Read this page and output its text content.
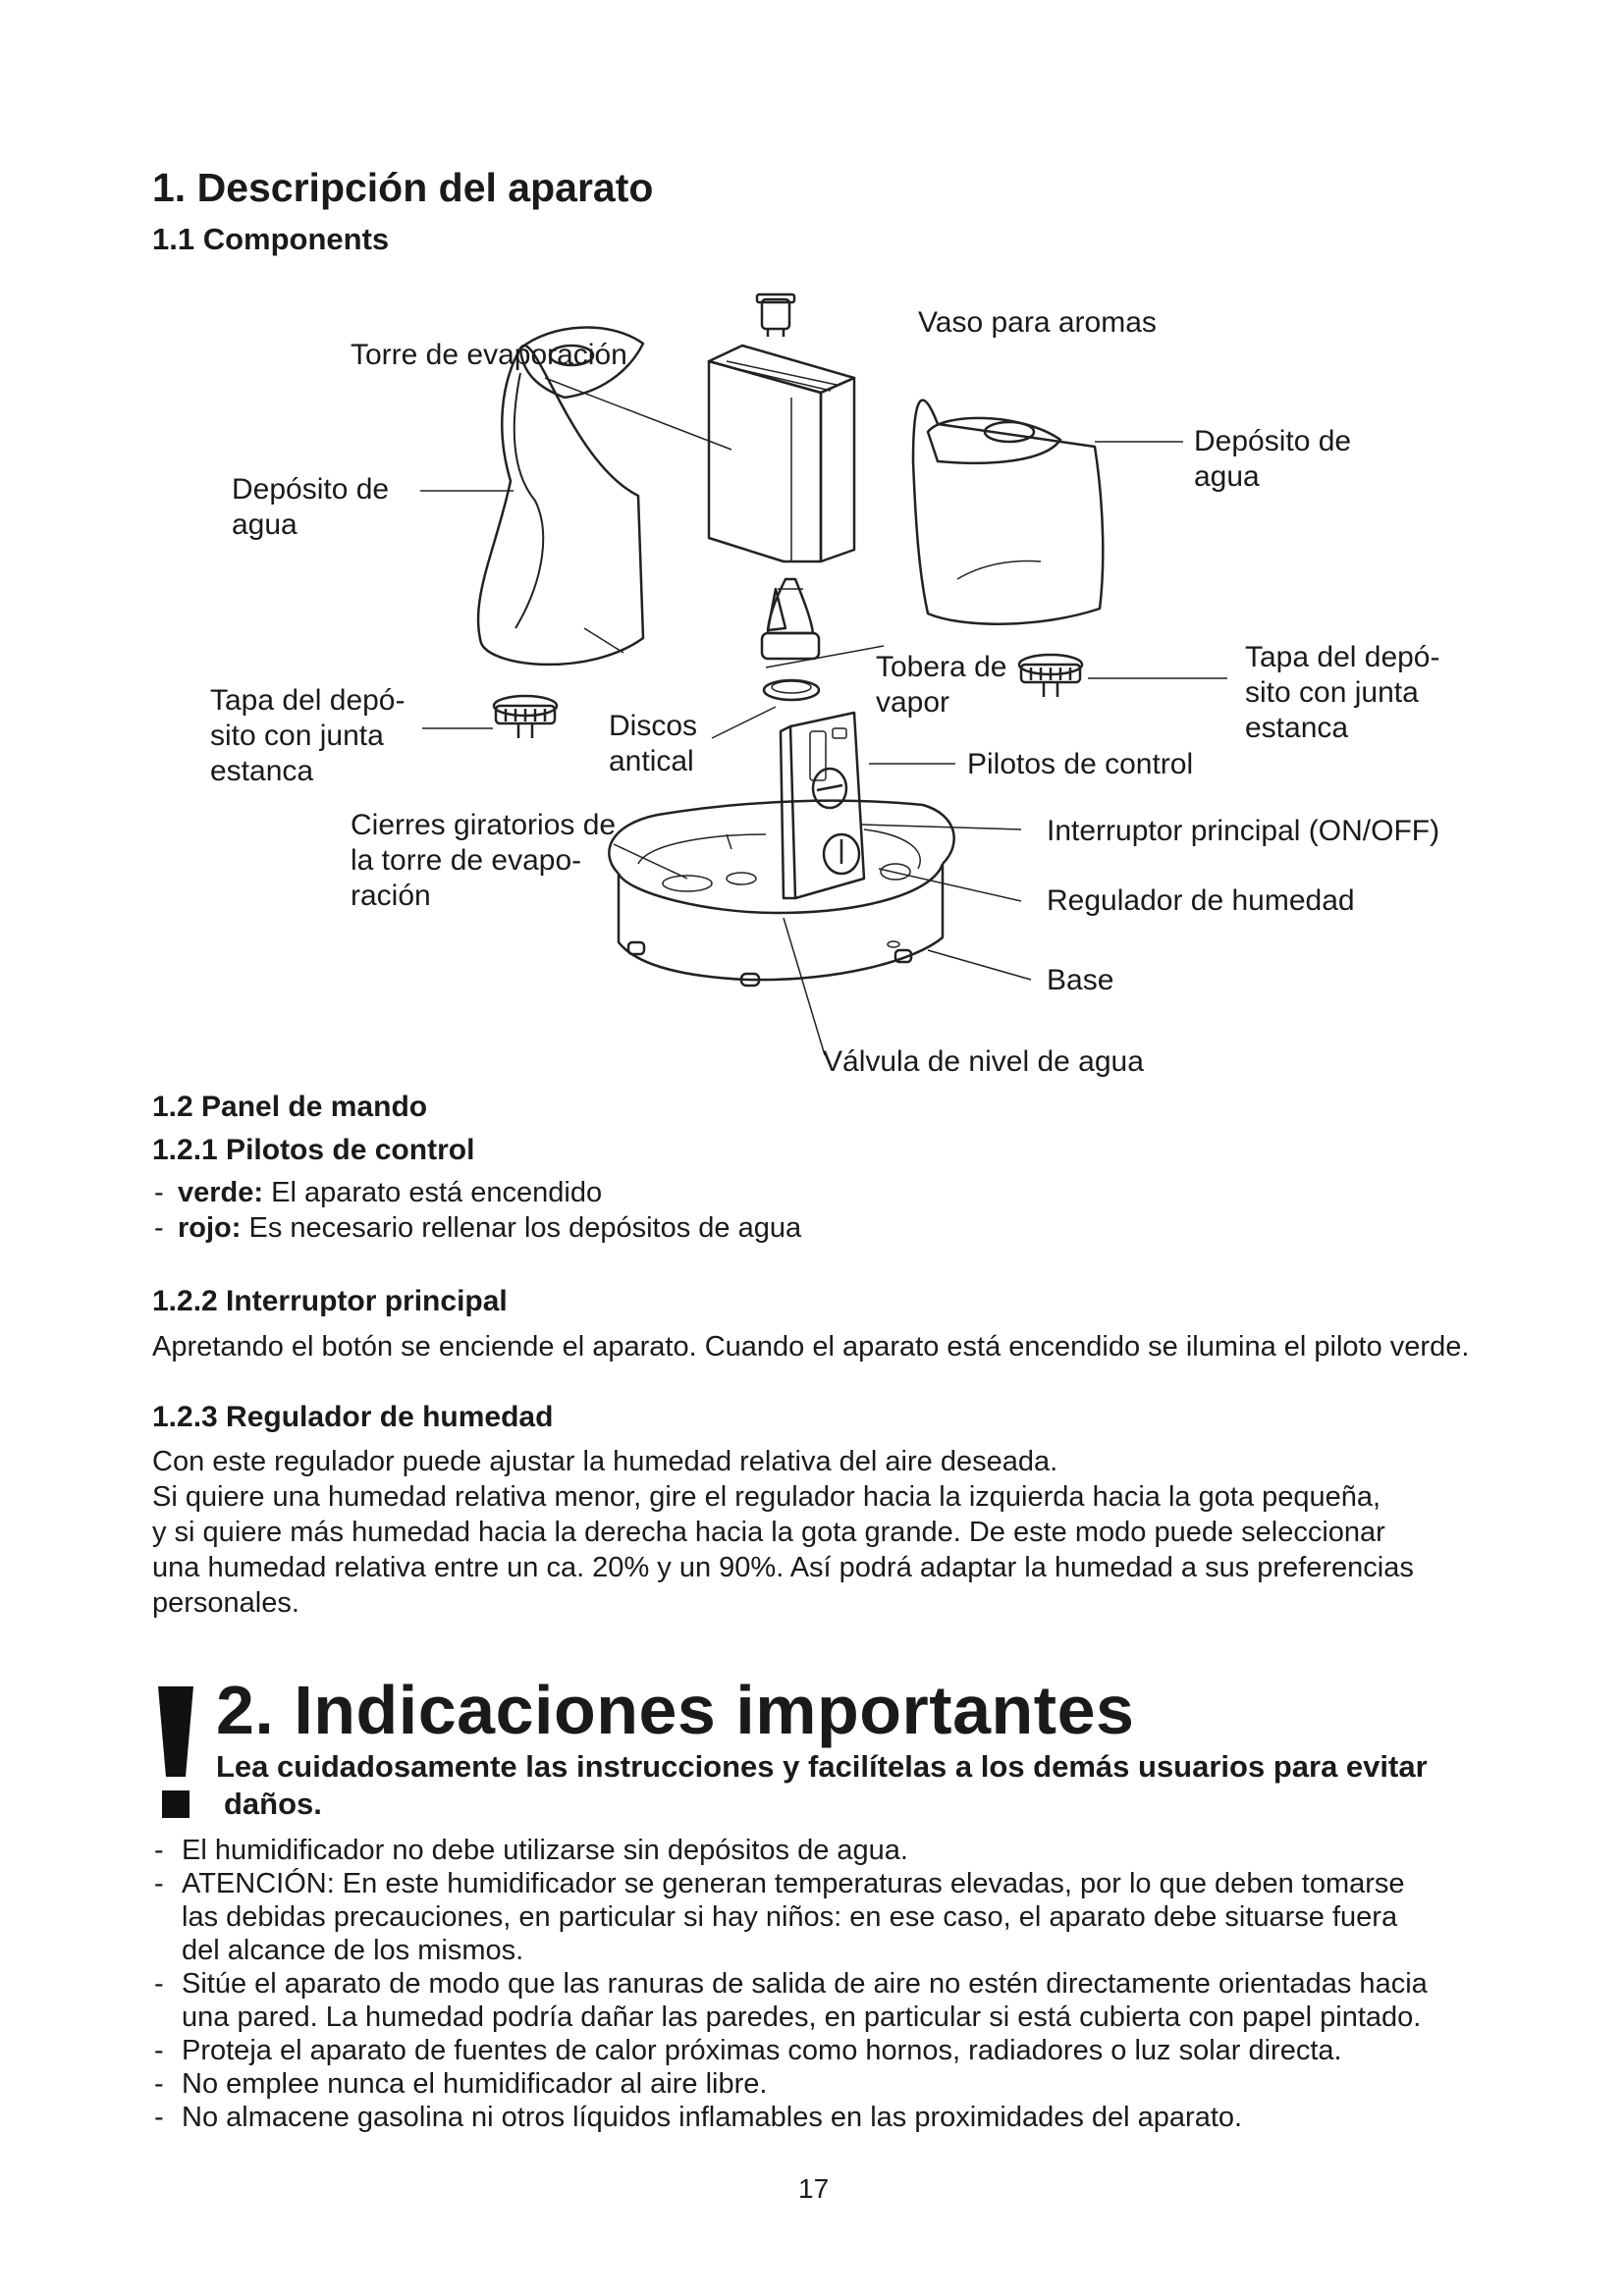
1. Descripción del aparato
1.1 Components
Vaso para aromas
Torre de evaporación
Depósito de
agua
Depósito de
agua
Tapa del depó-
sito con junta
estanca
Tobera de
vapor
Tapa del depó-
sito con junta
estanca
Discos
antical	Pilotos de control
Cierres giratorios de
la torre de evapo-
ración
Interruptor principal (ON/OFF)
Regulador de humedad
Base
Válvula de nivel de agua
1.2 Panel de mando
1.2.1 Pilotos de control
- verde: El aparato está encendido
- rojo: Es necesario rellenar los depósitos de agua
1.2.2 Interruptor principal
Apretando el botón se enciende el aparato. Cuando el aparato está encendido se ilumina el piloto verde.
1.2.3 Regulador de humedad
Con este regulador puede ajustar la humedad relativa del aire deseada.
Si quiere una humedad relativa menor, gire el regulador hacia la izquierda hacia la gota pequeña,
y si quiere más humedad hacia la derecha hacia la gota grande. De este modo puede seleccionar
una humedad relativa entre un ca. 20% y un 90%. Así podrá adaptar la humedad a sus preferencias
personales.
2. Indicaciones importantes
Lea cuidadosamente las instrucciones y facilítelas a los demás usuarios para evitar
daños.
- El humidificador no debe utilizarse sin depósitos de agua.
- ATENCIÓN: En este humidificador se generan temperaturas elevadas, por lo que deben tomarse
las debidas precauciones, en particular si hay niños: en ese caso, el aparato debe situarse fuera
del alcance de los mismos.
- Sitúe el aparato de modo que las ranuras de salida de aire no estén directamente orientadas hacia
una pared. La humedad podría dañar las paredes, en particular si está cubierta con papel pintado.
- Proteja el aparato de fuentes de calor próximas como hornos, radiadores o luz solar directa.
- No emplee nunca el humidificador al aire libre.
- No almacene gasolina ni otros líquidos inflamables en las proximidades del aparato.
17
